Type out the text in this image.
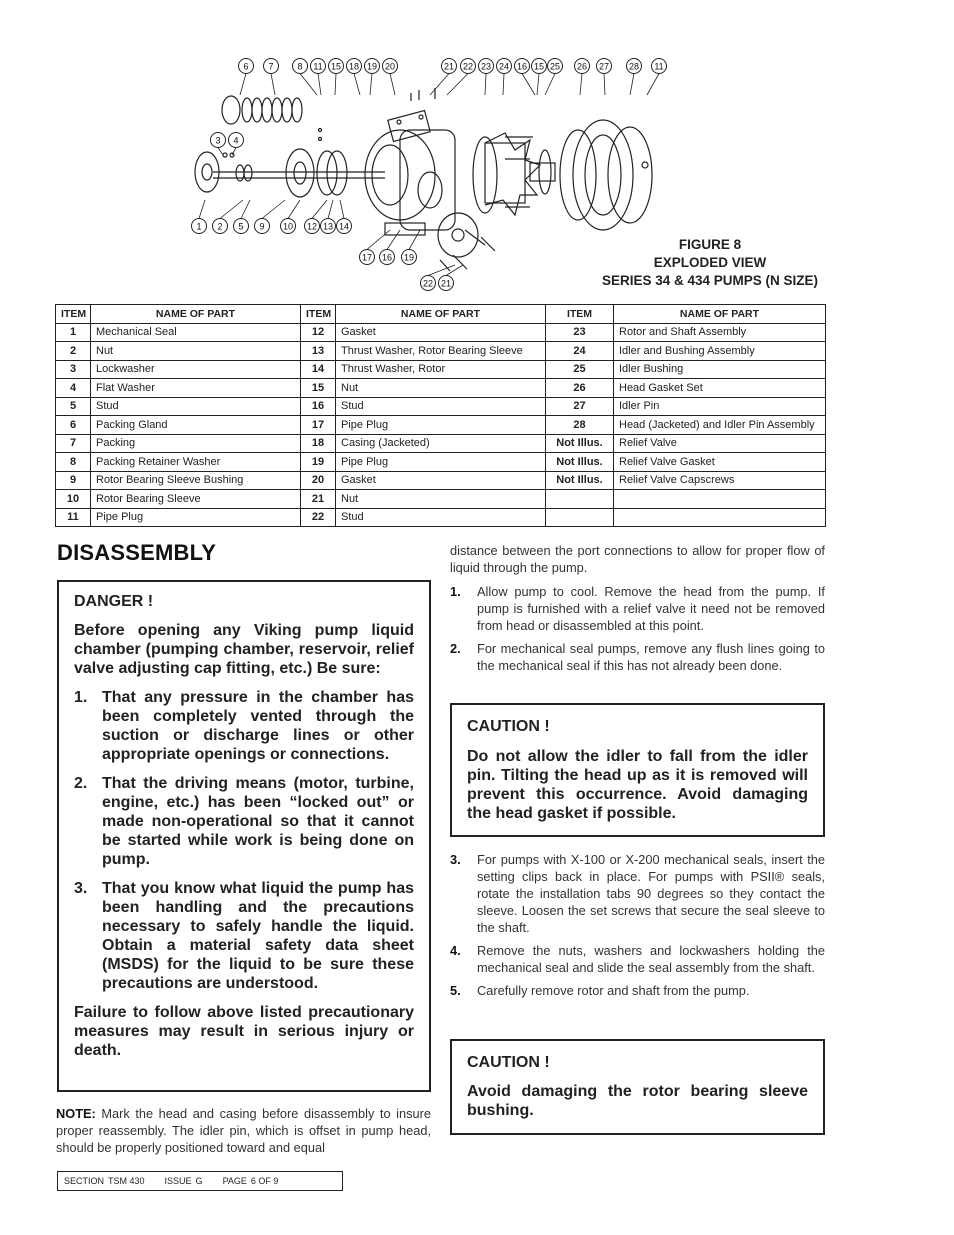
6 7	8 11 15 18 19 20	21 22 23 24 16 15 25 26 27 28 11
3 4
1 2 5 9 10 12 13 14
17 16 19
22 21
FIGURE 8
EXPLODED VIEW
SERIES 34 & 434 PUMPS (N SIZE)
ITEM	NAME OF PART	ITEM	NAME OF PART	ITEM	NAME OF PART
1	Mechanical Seal	12	Gasket	23	Rotor and Shaft Assembly
2	Nut	13	Thrust Washer, Rotor Bearing Sleeve	24	Idler and Bushing Assembly
3	Lockwasher	14	Thrust Washer, Rotor	25	Idler Bushing
4	Flat Washer	15	Nut	26	Head Gasket Set
5	Stud	16	Stud	27	Idler Pin
6	Packing Gland	17	Pipe Plug	28	Head (Jacketed) and Idler Pin Assembly
7	Packing	18	Casing (Jacketed)	Not Illus.	Relief Valve
8	Packing Retainer Washer	19	Pipe Plug	Not Illus.	Relief Valve Gasket
9	Rotor Bearing Sleeve Bushing	20	Gasket	Not Illus.	Relief Valve Capscrews
10	Rotor Bearing Sleeve	21	Nut		
11	Pipe Plug	22	Stud		
DISASSEMBLY

DANGER !

Before opening any Viking pump liquid chamber (pumping chamber, reservoir, relief valve adjusting cap fitting, etc.) Be sure:

1. That any pressure in the chamber has been completely vented through the suction or discharge lines or other appropriate openings or connections.
2. That the driving means (motor, turbine, engine, etc.) has been “locked out” or made non-operational so that it cannot be started while work is being done on pump.
3. That you know what liquid the pump has been handling and the precautions necessary to safely handle the liquid. Obtain a material safety data sheet (MSDS) for the liquid to be sure these precautions are understood.

Failure to follow above listed precautionary measures may result in serious injury or death.

NOTE: Mark the head and casing before disassembly to insure proper reassembly. The idler pin, which is offset in pump head, should be properly positioned toward and equal
distance between the port connections to allow for proper flow of liquid through the pump.
1.	Allow pump to cool. Remove the head from the pump. If pump is furnished with a relief valve it need not be removed from head or disassembled at this point.
2.	For mechanical seal pumps, remove any flush lines going to the mechanical seal if this has not already been done.

CAUTION !

Do not allow the idler to fall from the idler pin. Tilting the head up as it is removed will prevent this occurrence. Avoid damaging the head gasket if possible.

3.	For pumps with X-100 or X-200 mechanical seals, insert the setting clips back in place. For pumps with PSII® seals, rotate the installation tabs 90 degrees so they contact the sleeve. Loosen the set screws that secure the seal sleeve to the shaft.
4.	Remove the nuts, washers and lockwashers holding the mechanical seal and slide the seal assembly from the shaft.
5.	Carefully remove rotor and shaft from the pump.

CAUTION !

Avoid damaging the rotor bearing sleeve bushing.

SECTION TSM 430 ISSUE G PAGE 6 OF 9
